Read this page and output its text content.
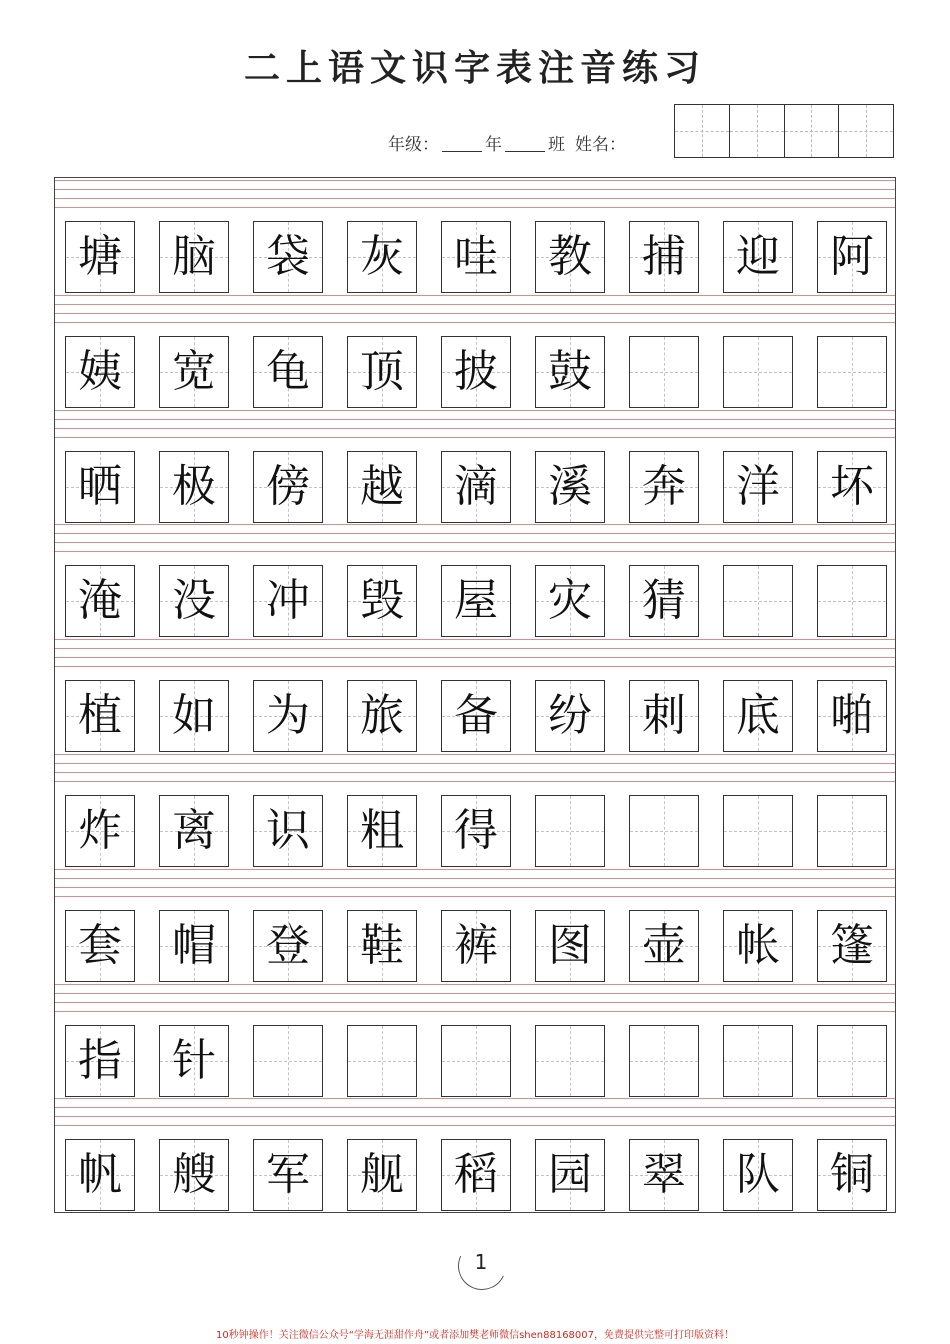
二上语文识字表注音练习
年级：	年	班 姓名：
塘 脑 袋 灰 哇 教 捕 迎 阿
姨 宽 龟 顶 披 鼓
晒 极 傍 越 滴 溪 奔 洋 坏
淹 没 冲 毁 屋 灾 猜
植 如 为 旅 备 纷 刺 底 啪
炸 离 识 粗 得
套 帽 登 鞋 裤 图 壶 帐 篷
指 针
帆 艘 军 舰 稻 园 翠 队 铜
1
10秒钟操作！关注微信公众号“学海无涯甜作舟”或者添加樊老师微信shen88168007，免费提供完整可打印版资料！
